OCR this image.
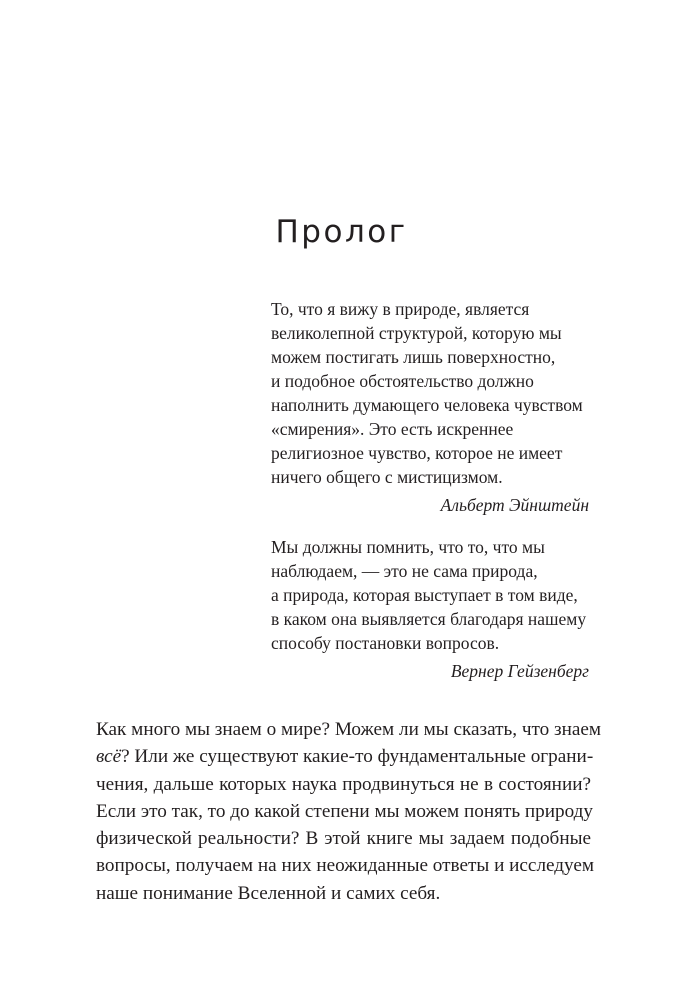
Пролог
То, что я вижу в природе, является
великолепной структурой, которую мы
можем постигать лишь поверхностно,
и подобное обстоятельство должно
наполнить думающего человека чувством
«смирения». Это есть искреннее
религиозное чувство, которое не имеет
ничего общего с мистицизмом.
Альберт Эйнштейн
Мы должны помнить, что то, что мы
наблюдаем, — это не сама природа,
а природа, которая выступает в том виде,
в каком она выявляется благодаря нашему
способу постановки вопросов.
Вернер Гейзенберг
Как много мы знаем о мире? Можем ли мы сказать, что знаем
всё? Или же существуют какие-то фундаментальные ограни-
чения, дальше которых наука продвинуться не в состоянии?
Если это так, то до какой степени мы можем понять природу
физической реальности? В этой книге мы задаем подобные
вопросы, получаем на них неожиданные ответы и исследуем
наше понимание Вселенной и самих себя.
